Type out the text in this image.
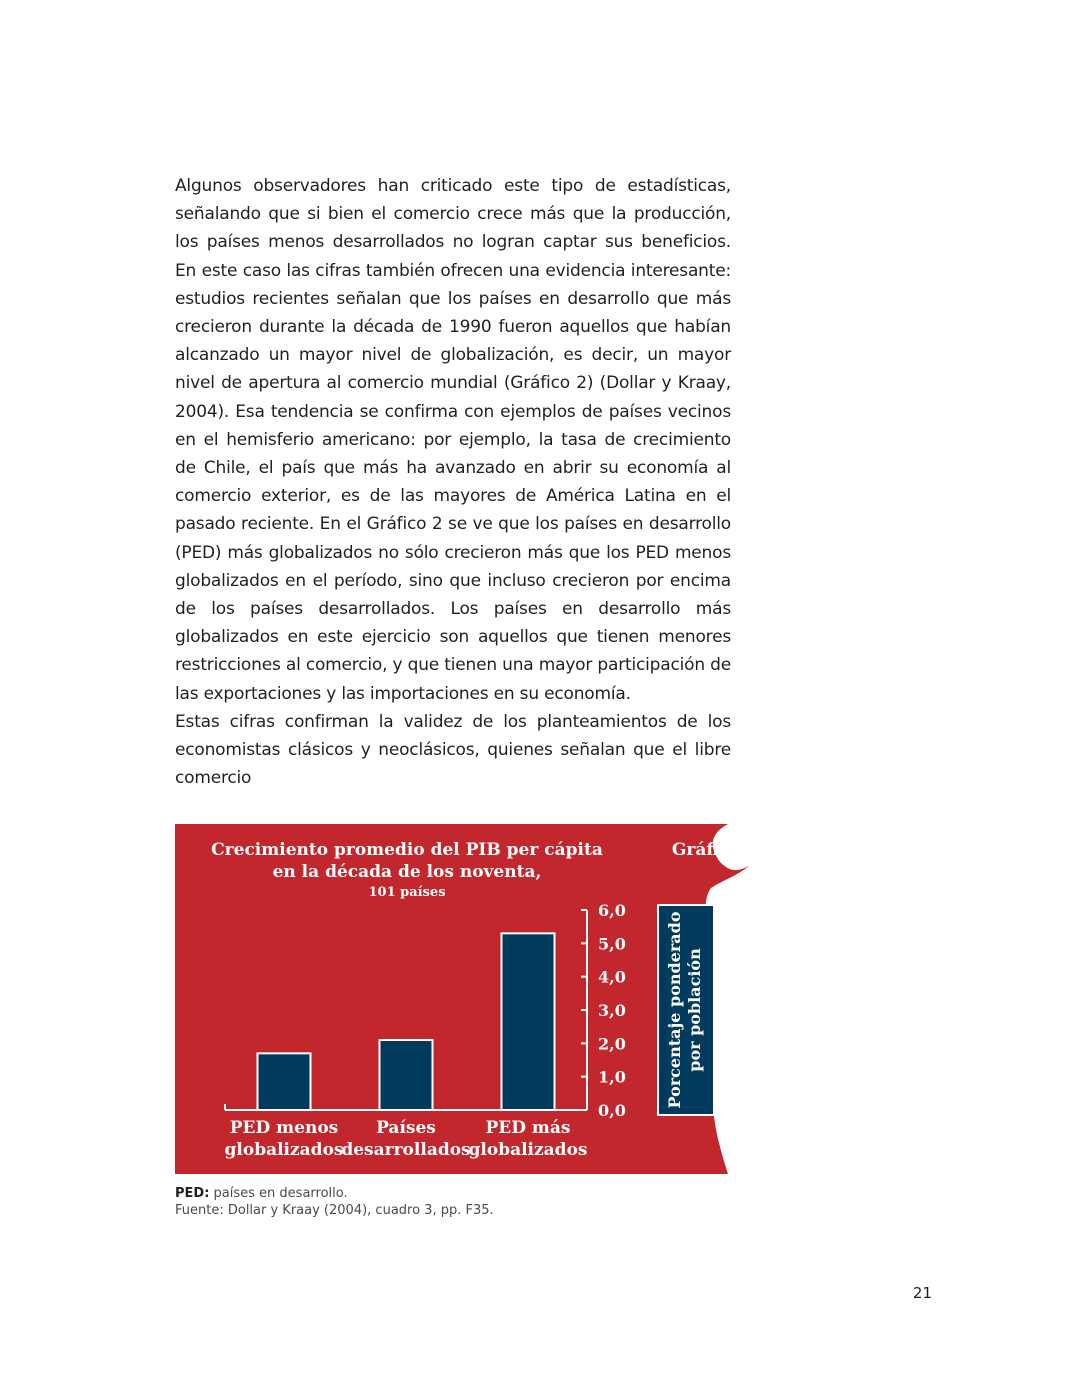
Algunos observadores han criticado este tipo de estadísticas, señalando que si bien el comercio crece más que la producción, los países menos desarrollados no logran captar sus beneficios. En este caso las cifras también ofrecen una evidencia interesante: estudios recientes señalan que los países en desarrollo que más crecieron durante la década de 1990 fueron aquellos que habían alcanzado un mayor nivel de globalización, es decir, un mayor nivel de apertura al comercio mundial (Gráfico 2) (Dollar y Kraay, 2004). Esa tendencia se confirma con ejemplos de países vecinos en el hemisferio americano: por ejemplo, la tasa de crecimiento de Chile, el país que más ha avanzado en abrir su economía al comercio exterior, es de las mayores de América Latina en el pasado reciente. En el Gráfico 2 se ve que los países en desarrollo (PED) más globalizados no sólo crecieron más que los PED menos globalizados en el período, sino que incluso crecieron por encima de los países desarrollados. Los países en desarrollo más globalizados en este ejercicio son aquellos que tienen menores restricciones al comercio, y que tienen una mayor participación de las exportaciones y las importaciones en su economía.

Estas cifras confirman la validez de los planteamientos de los economistas clásicos y neoclásicos, quienes señalan que el libre comercio

Gráfico 2
Crecimiento promedio del PIB per cápita
en la década de los noventa,
101 países
PED menos
globalizados
Países
desarrollados
PED más
globalizados
0,0
1,0
2,0
3,0
4,0
5,0
6,0
Porcentaje ponderado por población

PED: países en desarrollo.

Fuente: Dollar y Kraay (2004), cuadro 3, pp. F35.

21
